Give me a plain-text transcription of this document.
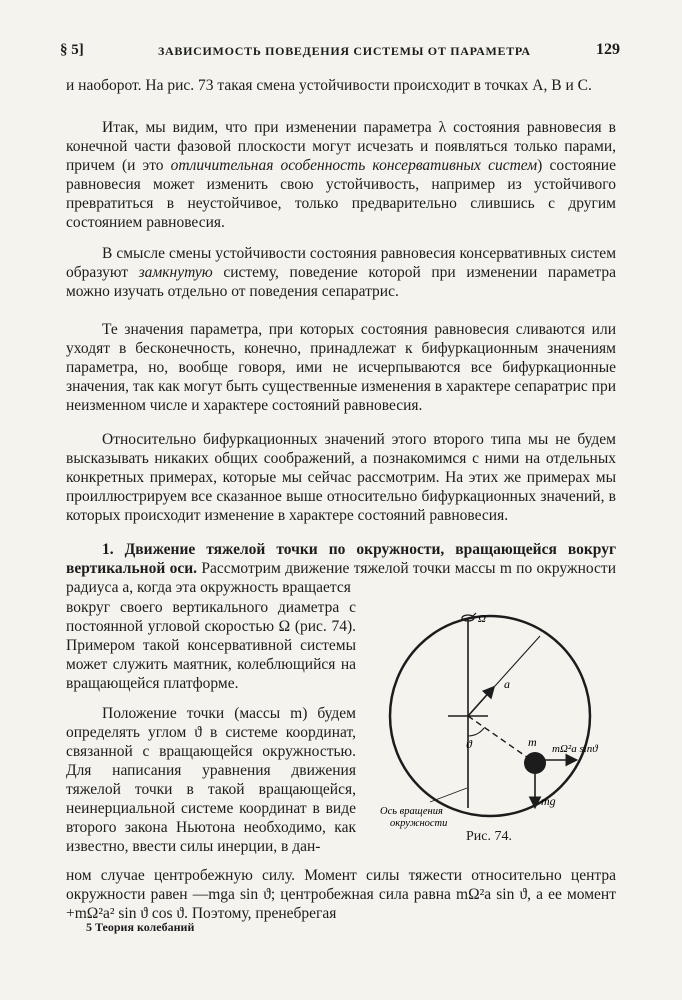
§ 5]	ЗАВИСИМОСТЬ ПОВЕДЕНИЯ СИСТЕМЫ ОТ ПАРАМЕТРА	129

и наоборот. На рис. 73 такая смена устойчивости происходит в точках A, B и C.

Итак, мы видим, что при изменении параметра λ состояния равновесия в конечной части фазовой плоскости могут исчезать и появляться только парами, причем (и это отличительная особенность консервативных систем) состояние равновесия может изменить свою устойчивость, например из устойчивого превратиться в неустойчивое, только предварительно слившись с другим состоянием равновесия.

В смысле смены устойчивости состояния равновесия консервативных систем образуют замкнутую систему, поведение которой при изменении параметра можно изучать отдельно от поведения сепаратрис.

Те значения параметра, при которых состояния равновесия сливаются или уходят в бесконечность, конечно, принадлежат к бифуркационным значениям параметра, но, вообще говоря, ими не исчерпываются все бифуркационные значения, так как могут быть существенные изменения в характере сепаратрис при неизменном числе и характере состояний равновесия.

Относительно бифуркационных значений этого второго типа мы не будем высказывать никаких общих соображений, а познакомимся с ними на отдельных конкретных примерах, которые мы сейчас рассмотрим. На этих же примерах мы проиллюстрируем все сказанное выше относительно бифуркационных значений, в которых происходит изменение в характере состояний равновесия.

1. Движение тяжелой точки по окружности, вращающейся вокруг вертикальной оси. Рассмотрим движение тяжелой точки массы m по окружности радиуса a, когда эта окружность вращается

вокруг своего вертикального диаметра с постоянной угловой скоростью Ω (рис. 74). Примером такой консервативной системы может служить маятник, колеблющийся на вращающейся платформе.

Положение точки (массы m) будем определять углом ϑ в системе координат, связанной с вращающейся окружностью. Для написания уравнения движения тяжелой точки в такой вращающейся, неинерциальной системе координат в виде второго закона Ньютона необходимо, как известно, ввести силы инерции, в дан-

ном случае центробежную силу. Момент силы тяжести относительно центра окружности равен —mga sin ϑ; центробежная сила равна mΩ²a sin ϑ, а ее момент +mΩ²a² sin ϑ cos ϑ. Поэтому, пренебрегая

Ω
a
ϑ	m mΩ²a sinϑ
mg
Ось вращения
окружности
Рис. 74.
5 Теория колебаний
